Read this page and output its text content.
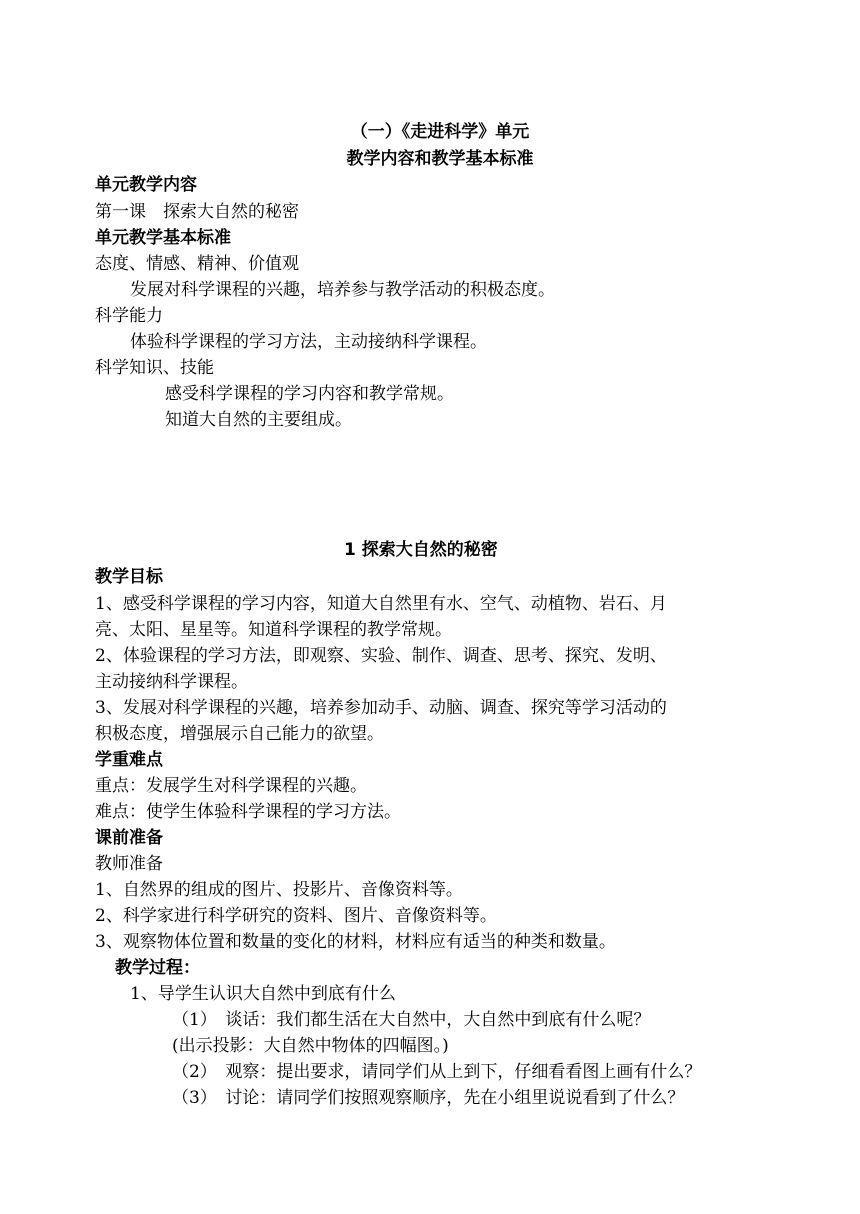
（一）《走进科学》单元
教学内容和教学基本标准
单元教学内容
第一课　探索大自然的秘密
单元教学基本标准
态度、情感、精神、价值观
发展对科学课程的兴趣，培养参与教学活动的积极态度。
科学能力
体验科学课程的学习方法，主动接纳科学课程。
科学知识、技能
感受科学课程的学习内容和教学常规。
知道大自然的主要组成。
1 探索大自然的秘密
教学目标
1、感受科学课程的学习内容，知道大自然里有水、空气、动植物、岩石、月
亮、太阳、星星等。知道科学课程的教学常规。
2、体验课程的学习方法，即观察、实验、制作、调查、思考、探究、发明、
主动接纳科学课程。
3、发展对科学课程的兴趣，培养参加动手、动脑、调查、探究等学习活动的
积极态度，增强展示自己能力的欲望。
学重难点
重点：发展学生对科学课程的兴趣。
难点：使学生体验科学课程的学习方法。
课前准备
教师准备
1、自然界的组成的图片、投影片、音像资料等。
2、科学家进行科学研究的资料、图片、音像资料等。
3、观察物体位置和数量的变化的材料，材料应有适当的种类和数量。
教学过程：
1、导学生认识大自然中到底有什么
（1）　谈话：我们都生活在大自然中，大自然中到底有什么呢？
(出示投影：大自然中物体的四幅图。)
（2）　观察：提出要求，请同学们从上到下，仔细看看图上画有什么？
（3）　讨论：请同学们按照观察顺序，先在小组里说说看到了什么？
